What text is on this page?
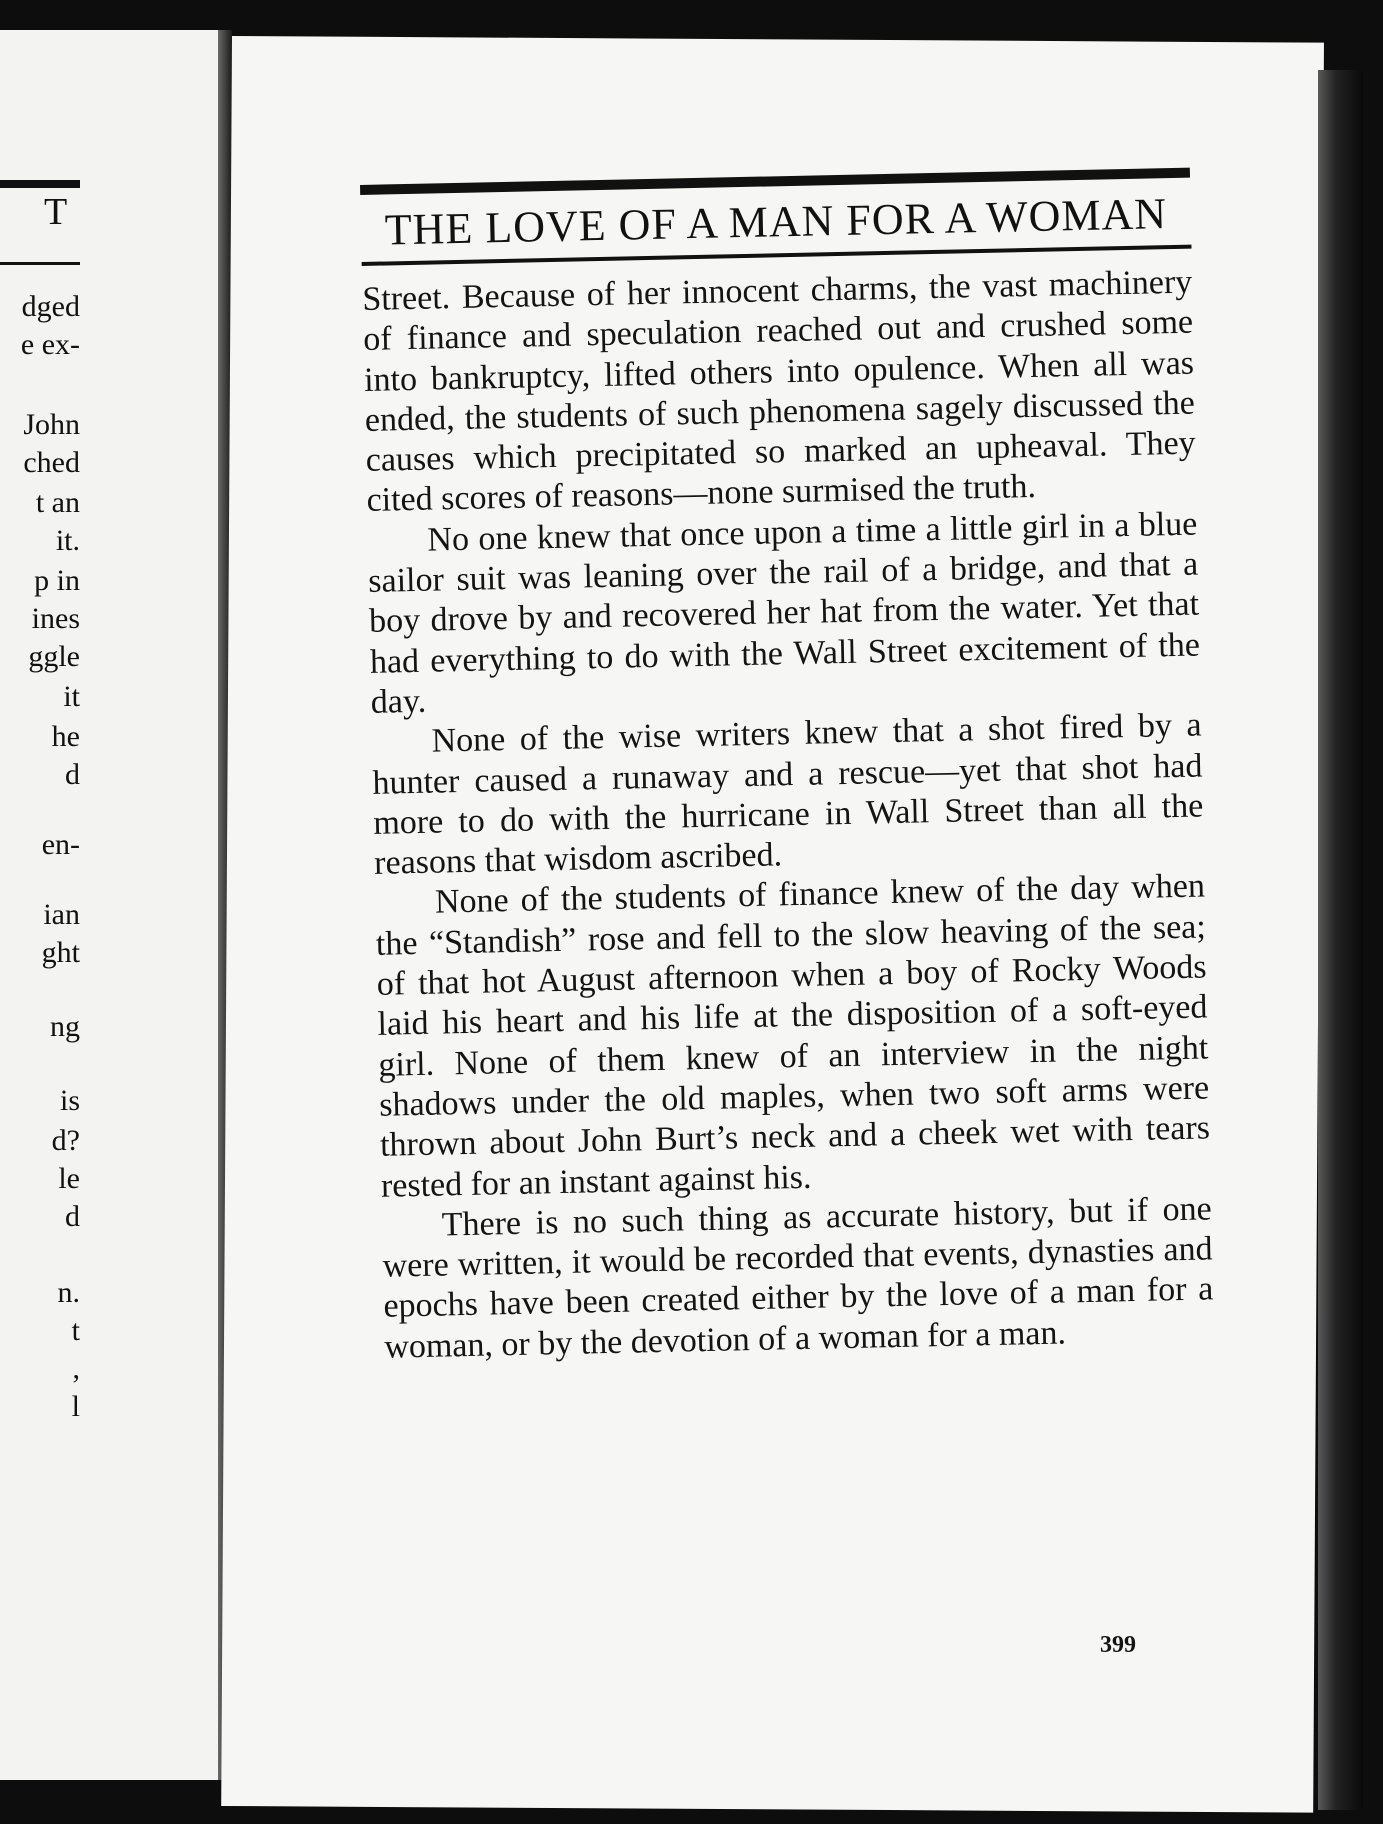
T
dged
e ex-
John
ched
t an
it.
p in
ines
ggle
it
he
d
en-
ian
ght
ng
is
d?
le
d
n.
t
,
l
THE LOVE OF A MAN FOR A WOMAN

Street. Because of her innocent charms, the vast machinery of finance and speculation reached out and crushed some into bankruptcy, lifted others into opulence. When all was ended, the students of such phenomena sagely discussed the causes which precipitated so marked an upheaval. They cited scores of reasons—none surmised the truth.

No one knew that once upon a time a little girl in a blue sailor suit was leaning over the rail of a bridge, and that a boy drove by and recovered her hat from the water. Yet that had everything to do with the Wall Street excitement of the day.

None of the wise writers knew that a shot fired by a hunter caused a runaway and a rescue—yet that shot had more to do with the hurricane in Wall Street than all the reasons that wisdom ascribed.

None of the students of finance knew of the day when the “Standish” rose and fell to the slow heaving of the sea; of that hot August afternoon when a boy of Rocky Woods laid his heart and his life at the disposition of a soft-eyed girl. None of them knew of an interview in the night shadows under the old maples, when two soft arms were thrown about John Burt’s neck and a cheek wet with tears rested for an instant against his.

There is no such thing as accurate history, but if one were written, it would be recorded that events, dynasties and epochs have been created either by the love of a man for a woman, or by the devotion of a woman for a man.

399
